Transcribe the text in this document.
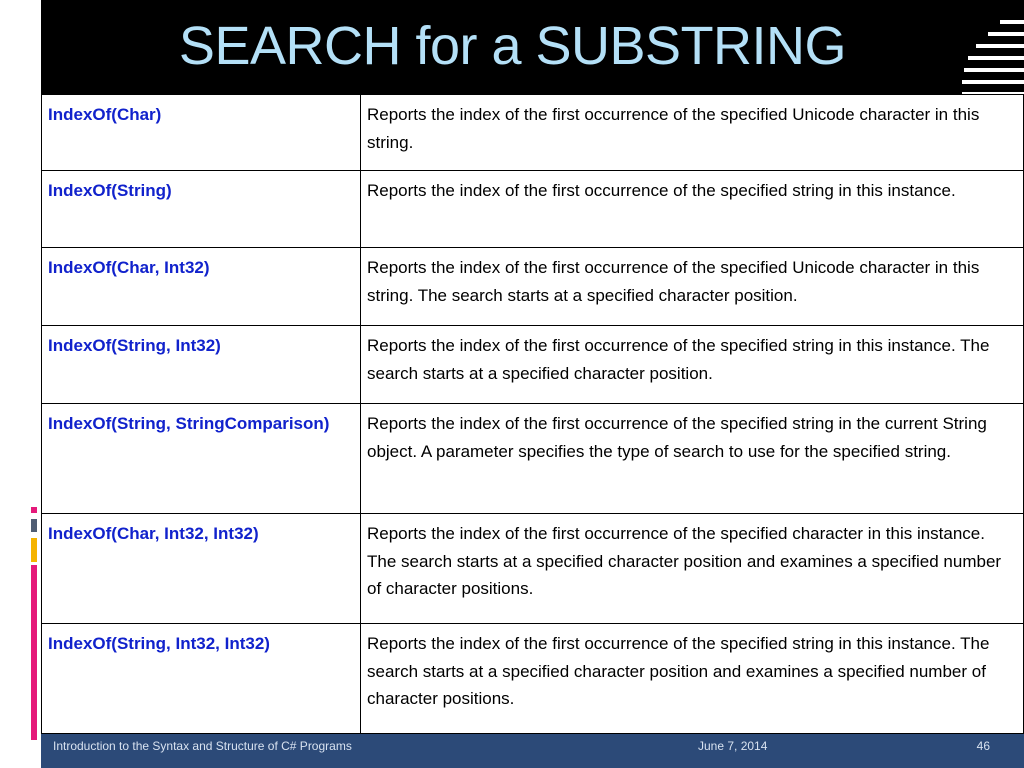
SEARCH for a SUBSTRING
IndexOf(Char)	Reports the index of the first occurrence of the specified Unicode character in this string.
IndexOf(String)	Reports the index of the first occurrence of the specified string in this instance.
IndexOf(Char, Int32)	Reports the index of the first occurrence of the specified Unicode character in this string. The search starts at a specified character position.
IndexOf(String, Int32)	Reports the index of the first occurrence of the specified string in this instance. The search starts at a specified character position.
IndexOf(String, StringComparison)	Reports the index of the first occurrence of the specified string in the current String object. A parameter specifies the type of search to use for the specified string.
IndexOf(Char, Int32, Int32)	Reports the index of the first occurrence of the specified character in this instance. The search starts at a specified character position and examines a specified number of character positions.
IndexOf(String, Int32, Int32)	Reports the index of the first occurrence of the specified string in this instance. The search starts at a specified character position and examines a specified number of character positions.
Introduction to the Syntax and Structure of C# Programs	June 7, 2014	46
